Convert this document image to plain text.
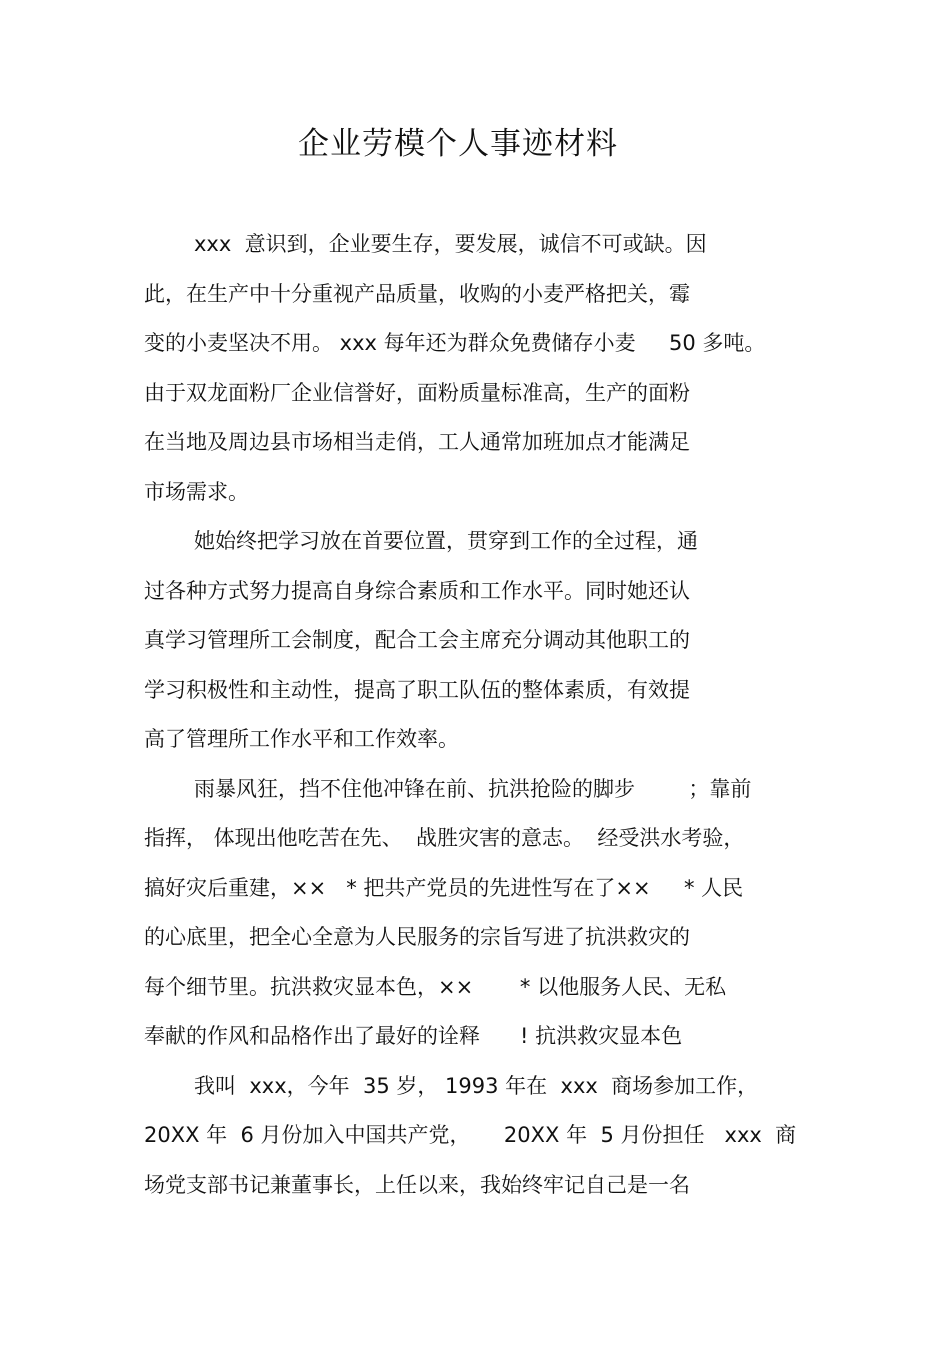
企业劳模个人事迹材料
xxx  意识到，企业要生存，要发展，诚信不可或缺。因
此，在生产中十分重视产品质量，收购的小麦严格把关，霉
变的小麦坚决不用。 xxx 每年还为群众免费储存小麦     50 多吨。
由于双龙面粉厂企业信誉好，面粉质量标准高，生产的面粉
在当地及周边县市场相当走俏，工人通常加班加点才能满足
市场需求。
她始终把学习放在首要位置，贯穿到工作的全过程，通
过各种方式努力提高自身综合素质和工作水平。同时她还认
真学习管理所工会制度，配合工会主席充分调动其他职工的
学习积极性和主动性，提高了职工队伍的整体素质，有效提
高了管理所工作水平和工作效率。
雨暴风狂，挡不住他冲锋在前、抗洪抢险的脚步        ；靠前
指挥， 体现出他吃苦在先、  战胜灾害的意志。  经受洪水考验，
搞好灾后重建，××   * 把共产党员的先进性写在了××     * 人民
的心底里，把全心全意为人民服务的宗旨写进了抗洪救灾的
每个细节里。抗洪救灾显本色，××       * 以他服务人民、无私
奉献的作风和品格作出了最好的诠释      ! 抗洪救灾显本色
我叫  xxx，今年  35 岁， 1993 年在  xxx  商场参加工作，
20XX 年  6 月份加入中国共产党，     20XX 年  5 月份担任   xxx  商
场党支部书记兼董事长，上任以来，我始终牢记自己是一名
